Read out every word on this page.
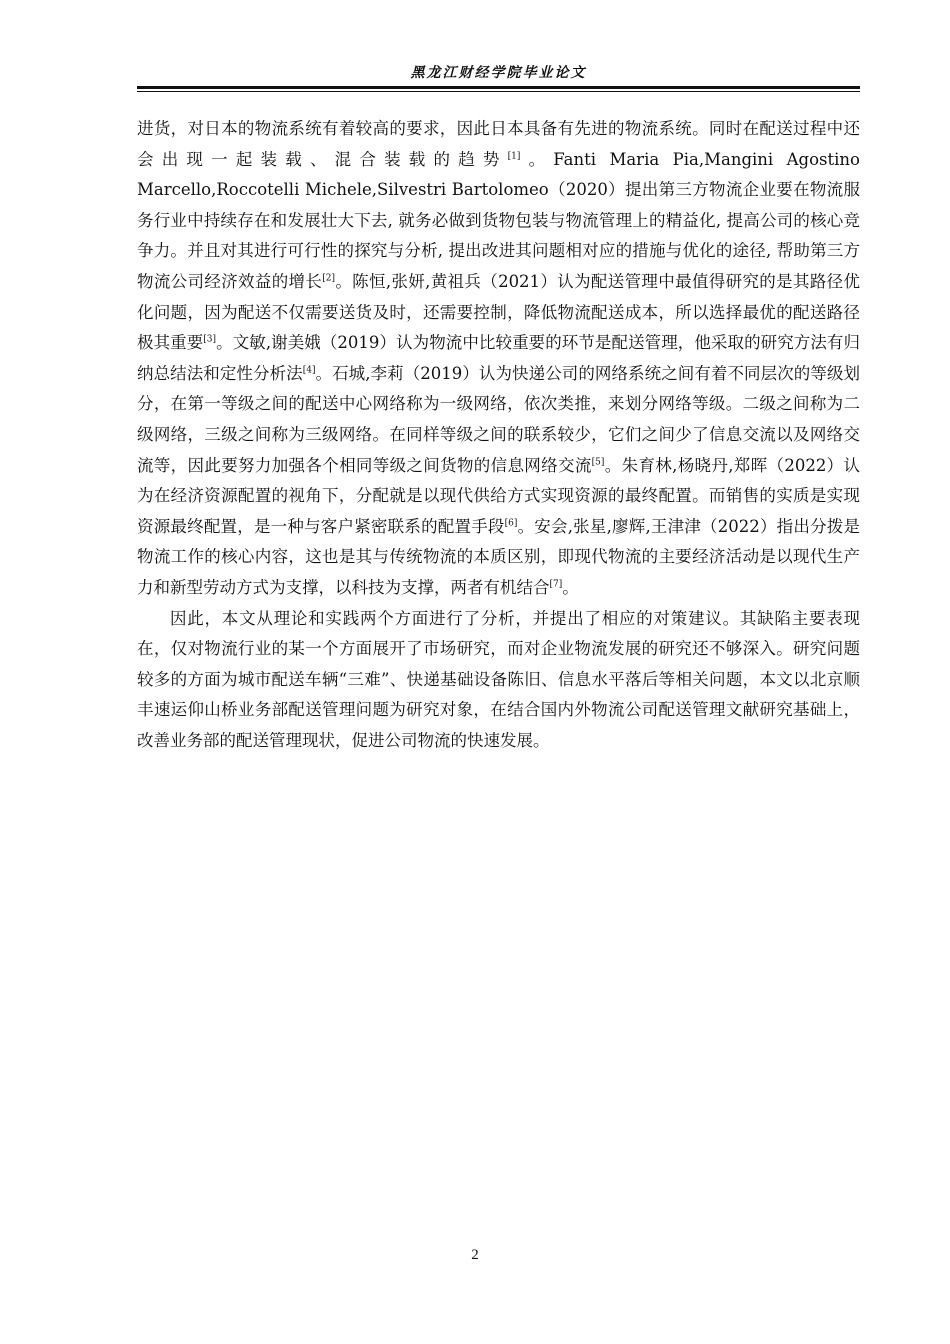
黑龙江财经学院毕业论文

进货，对日本的物流系统有着较高的要求，因此日本具备有先进的物流系统。同时在配送过程中还会出现一起装载、混合装载的趋势[1]。Fanti Maria Pia,Mangini Agostino Marcello,Roccotelli Michele,Silvestri Bartolomeo（2020）提出第三方物流企业要在物流服务行业中持续存在和发展壮大下去, 就务必做到货物包装与物流管理上的精益化, 提高公司的核心竞争力。并且对其进行可行性的探究与分析, 提出改进其问题相对应的措施与优化的途径, 帮助第三方物流公司经济效益的增长[2]。陈恒,张妍,黄祖兵（2021）认为配送管理中最值得研究的是其路径优化问题，因为配送不仅需要送货及时，还需要控制，降低物流配送成本，所以选择最优的配送路径极其重要[3]。文敏,谢美娥（2019）认为物流中比较重要的环节是配送管理，他采取的研究方法有归纳总结法和定性分析法[4]。石城,李莉（2019）认为快递公司的网络系统之间有着不同层次的等级划分，在第一等级之间的配送中心网络称为一级网络，依次类推，来划分网络等级。二级之间称为二级网络，三级之间称为三级网络。在同样等级之间的联系较少，它们之间少了信息交流以及网络交流等，因此要努力加强各个相同等级之间货物的信息网络交流[5]。朱育林,杨晓丹,郑晖（2022）认为在经济资源配置的视角下，分配就是以现代供给方式实现资源的最终配置。而销售的实质是实现资源最终配置，是一种与客户紧密联系的配置手段[6]。安会,张星,廖辉,王津津（2022）指出分拨是物流工作的核心内容，这也是其与传统物流的本质区别，即现代物流的主要经济活动是以现代生产力和新型劳动方式为支撑，以科技为支撑，两者有机结合[7]。

因此，本文从理论和实践两个方面进行了分析，并提出了相应的对策建议。其缺陷主要表现在，仅对物流行业的某一个方面展开了市场研究，而对企业物流发展的研究还不够深入。研究问题较多的方面为城市配送车辆“三难”、快递基础设备陈旧、信息水平落后等相关问题，本文以北京顺丰速运仰山桥业务部配送管理问题为研究对象，在结合国内外物流公司配送管理文献研究基础上，改善业务部的配送管理现状，促进公司物流的快速发展。

2
